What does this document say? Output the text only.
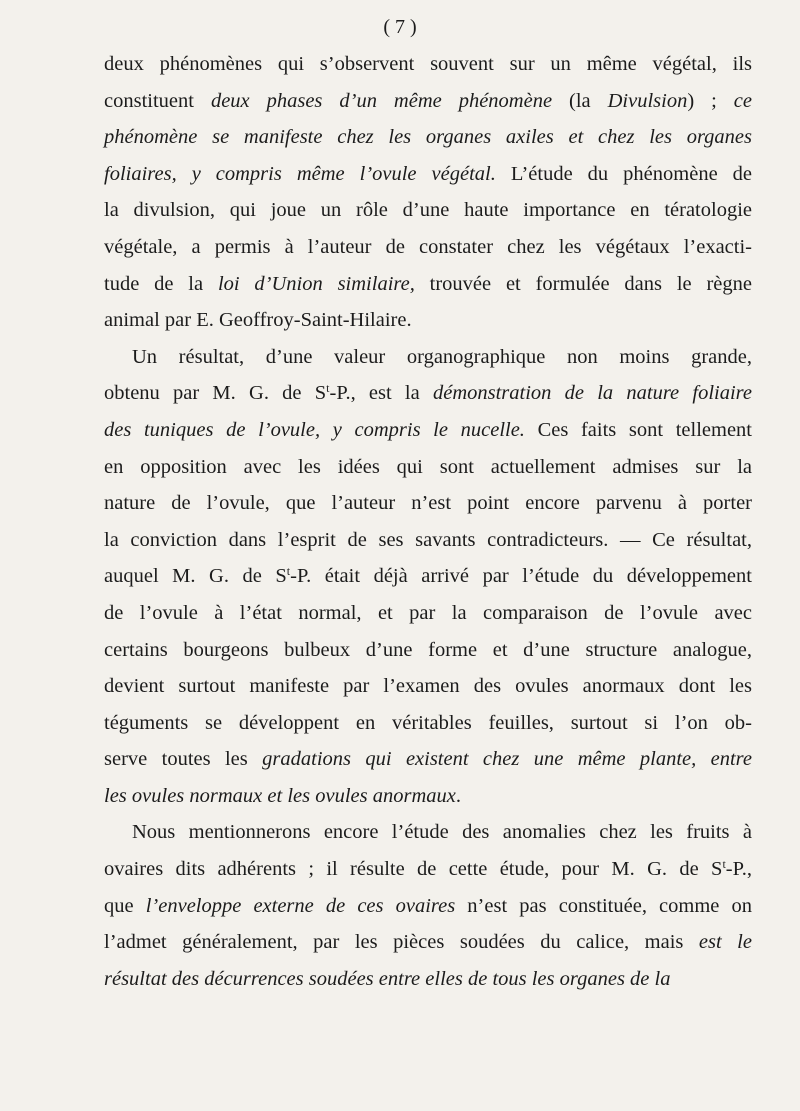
( 7 )
deux phénomènes qui s’observent souvent sur un même végétal, ils
constituent deux phases d’un même phénomène (la Divulsion) ; ce
phénomène se manifeste chez les organes axiles et chez les organes
foliaires, y compris même l’ovule végétal. L’étude du phénomène de
la divulsion, qui joue un rôle d’une haute importance en tératologie
végétale, a permis à l’auteur de constater chez les végétaux l’exacti-
tude de la loi d’Union similaire, trouvée et formulée dans le règne
animal par E. Geoffroy-Saint-Hilaire.
Un résultat, d’une valeur organographique non moins grande,
obtenu par M. G. de $S^t-P$., est la démonstration de la nature foliaire
des tuniques de l’ovule, y compris le nucelle. Ces faits sont tellement
en opposition avec les idées qui sont actuellement admises sur la
nature de l’ovule, que l’auteur n’est point encore parvenu à porter
la conviction dans l’esprit de ses savants contradicteurs. — Ce résultat,
auquel M. G. de $S^t-P$. était déjà arrivé par l’étude du développement
de l’ovule à l’état normal, et par la comparaison de l’ovule avec
certains bourgeons bulbeux d’une forme et d’une structure analogue,
devient surtout manifeste par l’examen des ovules anormaux dont les
téguments se développent en véritables feuilles, surtout si l’on ob-
serve toutes les gradations qui existent chez une même plante, entre
les ovules normaux et les ovules anormaux.
Nous mentionnerons encore l’étude des anomalies chez les fruits à
ovaires dits adhérents ; il résulte de cette étude, pour M. G. de $S^t-P$.,
que l’enveloppe externe de ces ovaires n’est pas constituée, comme on
l’admet généralement, par les pièces soudées du calice, mais est le
résultat des décurrences soudées entre elles de tous les organes de la
